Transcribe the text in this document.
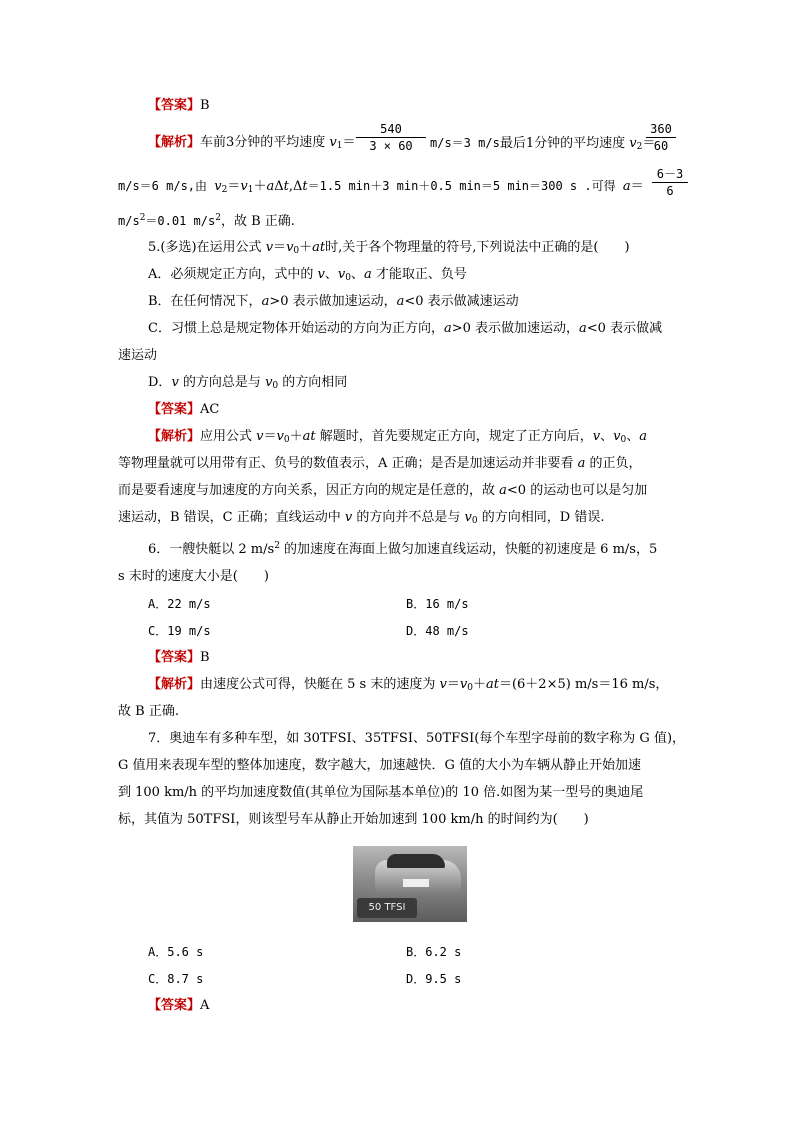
【答案】B
【解析】车前3分钟的平均速度 $v_1=$
540
3 × 60	m/s＝3 m/s最后1分钟的平均速度 $v_2=$
360
60
m/s＝6 m/s,由 $v_2=v_1+a\Delta t,\Delta t=1.5$ min＋3 min＋0.5 min＝5 min＝300 s .可得 a＝
6－3
6
$m/s^2=0.01$ $m/s^2$，故 B 正确.
5.(多选)在运用公式 $v=v_0+at$时,关于各个物理量的符号,下列说法中正确的是(　　)
A．必须规定正方向，式中的 v、$v_0$、a 才能取正、负号
B．在任何情况下，a>0 表示做加速运动，a<0 表示做减速运动
C．习惯上总是规定物体开始运动的方向为正方向，a>0 表示做加速运动，a<0 表示做减
速运动
D．v 的方向总是与 $v_0$ 的方向相同
【答案】AC
【解析】应用公式 $v=v_0+at$ 解题时，首先要规定正方向，规定了正方向后，v、$v_0$、a
等物理量就可以用带有正、负号的数值表示，A 正确；是否是加速运动并非要看 a 的正负，
而是要看速度与加速度的方向关系，因正方向的规定是任意的，故 a<0 的运动也可以是匀加
速运动，B 错误，C 正确；直线运动中 v 的方向并不总是与 $v_0$ 的方向相同，D 错误.
6．一艘快艇以 2 $m/s^2$ 的加速度在海面上做匀加速直线运动，快艇的初速度是 6 m/s，5
s 末时的速度大小是(　　)
A．22 m/s	B．16 m/s
C．19 m/s	D．48 m/s
【答案】B
【解析】由速度公式可得，快艇在 5 s 末的速度为 $v=v_0+at=(6+2\times 5)$ m/s＝16 m/s，
故 B 正确.
7．奥迪车有多种车型，如 30TFSI、35TFSI、50TFSI(每个车型字母前的数字称为 G 值)，
G 值用来表现车型的整体加速度，数字越大，加速越快．G 值的大小为车辆从静止开始加速
到 100 km/h 的平均加速度数值(其单位为国际基本单位)的 10 倍.如图为某一型号的奥迪尾
标，其值为 50TFSI，则该型号车从静止开始加速到 100 km/h 的时间约为(　　)
50 TFSI
A．5.6 s	B．6.2 s
C．8.7 s	D．9.5 s
【答案】A
